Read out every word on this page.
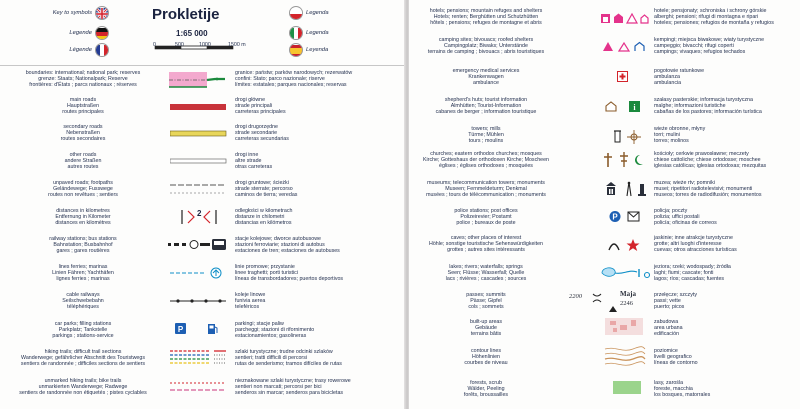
Key to symbols
Legende
Légende
Prokletije
1:65 000
0	500	1000	1500 m
Legenda
Legenda
Leyenda
boundaries: international; national park; reserves
grenze: Staats; Nationalpark; Reserve
frontières: d'États ; parcs nationaux ; réserves
granice: państw; parków narodowych; rezerwatów
confini: Stato; parco nazionale; riserve
límites: estatales; parques nacionales; reservas
main roads
Hauptstraßen
routes principales
drogi główne
strade principali
carreteras principales
secondary roads
Nebenstraßen
routes secondaires
drogi drugorzędne
strade secondarie
carreteras secundarias
other roads
andere Straßen
autres routes
drogi inne
altre strade
otras carreteras
unpaved roads; footpaths
Geländewege; Fusswege
routes non revêtues ; sentiers
drogi gruntowe; ścieżki
strade sterrate; percorso
caminos de tierra; veredas
distances in kilometres
Entfernung in Kilometer
distances en kilomètres
2	odległości w kilometrach
distanze in chilometri
distancias en kilómetros
railway stations; bus stations
Bahnstation; Busbahnhof
gares ; gares routières
stacje kolejowe; dworce autobusowe
stazioni ferroviarie; stazioni di autobus
estaciones de tren; estaciones de autobuses
lines ferries; marinas
Linien Fähren; Yachthäfen
lignes ferries ; marinas
linie promowe; przystanie
linee traghetti; porti turistici
líneas de transbordadores; puertos deportivos
cable railways
Seilschwebebahn
téléphériques
koleje linowe
funivia aerea
teleféricos
car parks; filling stations
Parkplatz; Tankstelle
parkings ; stations-service
P
parkingi; stacje paliw
parcheggi; stazioni di rifornimento
estacionamientos; gasolineras
hiking trails; difficult trail sections
Wanderwege; gefährlicher Abschnitt des Touristwegs
sentiers de randonnée ; difficiles sections de sentiers
szlaki turystyczne; trudne odcinki szlaków
sentieri; tratti difficili di percorsi
rutas de senderismo; tramos difíciles de rutas
unmarked hiking trails; bike trails
unmarkierten Wanderwege; Radwege
sentiers de randonnée non étiquetés ; pistes cyclables
nieznakowane szlaki turystyczne; trasy rowerowe
sentieri non marcati; percorsi per bici
senderos sin marcar; senderos para bicicletas
hotels; pensions; mountain refuges and shelters
Hotels; renten; Berghütten und Schutzhütten
hôtels ; pensions; refuges de montagne et abris
hotele; pensjonaty; schroniska i schrony górskie
alberghi; pensioni; rifugi di montagna e ripari
hoteles; pensiones; refugios de montaña y refugios
camping sites; bivouacs; roofed shelters
Campingplatz; Biwaks; Unterstände
terrains de camping ; bivouacs ; abris touristiques
kempingi; miejsca biwakowe; wiaty turystyczne
campeggio; bivacchi; rifugi coperti
campings; vivaques; refugios techados
emergency medical services
Krankenwagen
ambulance
pogotowie ratunkowe
ambulanza
ambulancia
shepherd's huts; tourist information
Almhütten; Tourist-Information
cabanes de berger ; information touristique
i
szałasy pasterskie; informacja turystyczna
malghe; informazioni turistiche
cabañas de los pastores; información turística
towers; mills
Türme; Mühlen
tours ; moulins
wieże obronne, młyny
torri; mulini
torres; molinos
churches; eastern orthodox churches; mosques
Kirche; Gotteshaus der orthodoxen Kirche; Moscheen
églises ; églises orthodoxes ; mosquées
kościoły; cerkwie prawosławne; meczety
chiese cattoliche; chiese ortodosse; moschee
iglesias católicas; iglesias ortodoxas; mezquitas
museums; telecommunication towers; monuments
Museen; Fernmeldeturm; Denkmal
musées ; tours de télécommunication ; monuments
muzea; wieże rtv; pomniki
musei; ripetitori radiotelevisivi; monumenti
museos; torres de radiodifusión; monumentos
police stations; post offices
Polizeirevier; Postamt
police ; bureaux de poste
P
policja; poczty
polizia; uffici postali
policía; oficinas de correos
caves; other places of interest
Höhle; sonstige touristische Sehenswürdigkeiten
grottes ; autres sites intéressants
jaskinie; inne atrakcje turystyczne
grotte; altri luoghi d'interesse
cuevas; otros atracciones turísticas
lakes; rivers; waterfalls; springs
Seen; Flüsse; Wasserfall; Quelle
lacs ; rivières ; cascades ; sources
jeziora; rzeki; wodospady; źródła
laghi; fiumi; cascate; fonti
lagos; ríos; cascadas; fuentes
passes; summits
Pässe; Gipfel
cols ; sommets
2200	Maja
2246
przełęcze; szczyty
passi; vette
puerto; picos
built-up areas
Gebäude
terrains bâtis
zabudowa
area urbana
edificación
contour lines
Höhenlinien
courbes de niveau
poziomice
livelli geografico
líneas de contorno
forests, scrub
Wälder, Peeling
forêts, broussailles
lasy, zarośla
foreste, macchia
los bosques, matorrales
